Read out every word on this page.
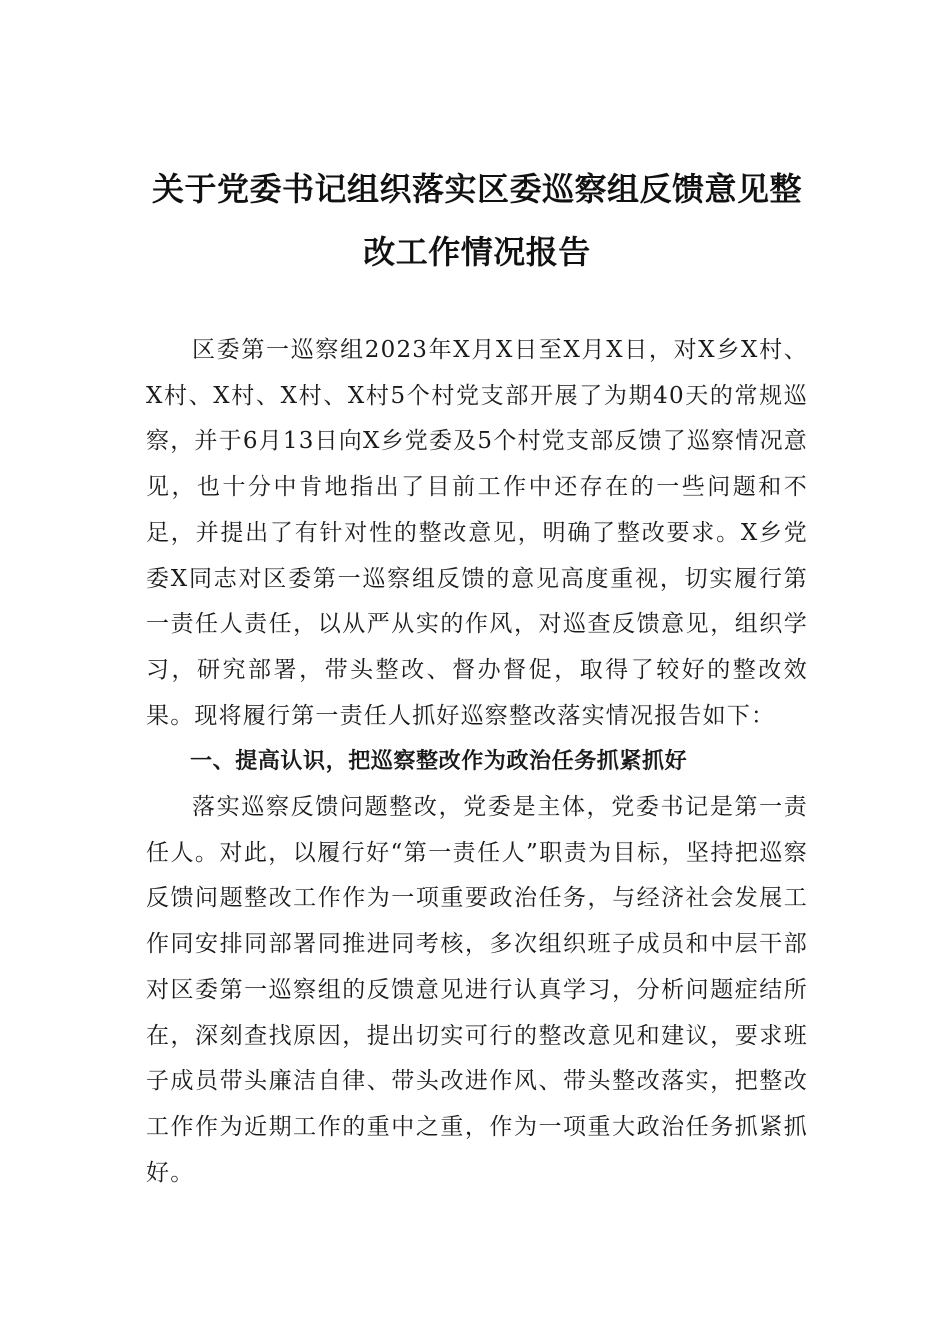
关于党委书记组织落实区委巡察组反馈意见整改工作情况报告

区委第一巡察组2023年X月X日至X月X日，对X乡X村、X村、X村、X村、X村5个村党支部开展了为期40天的常规巡察，并于6月13日向X乡党委及5个村党支部反馈了巡察情况意见，也十分中肯地指出了目前工作中还存在的一些问题和不足，并提出了有针对性的整改意见，明确了整改要求。X乡党委X同志对区委第一巡察组反馈的意见高度重视，切实履行第一责任人责任，以从严从实的作风，对巡查反馈意见，组织学习，研究部署，带头整改、督办督促，取得了较好的整改效果。现将履行第一责任人抓好巡察整改落实情况报告如下：

一、提高认识，把巡察整改作为政治任务抓紧抓好

落实巡察反馈问题整改，党委是主体，党委书记是第一责任人。对此，以履行好“第一责任人”职责为目标，坚持把巡察反馈问题整改工作作为一项重要政治任务，与经济社会发展工作同安排同部署同推进同考核，多次组织班子成员和中层干部对区委第一巡察组的反馈意见进行认真学习，分析问题症结所在，深刻查找原因，提出切实可行的整改意见和建议，要求班子成员带头廉洁自律、带头改进作风、带头整改落实，把整改工作作为近期工作的重中之重，作为一项重大政治任务抓紧抓好。
